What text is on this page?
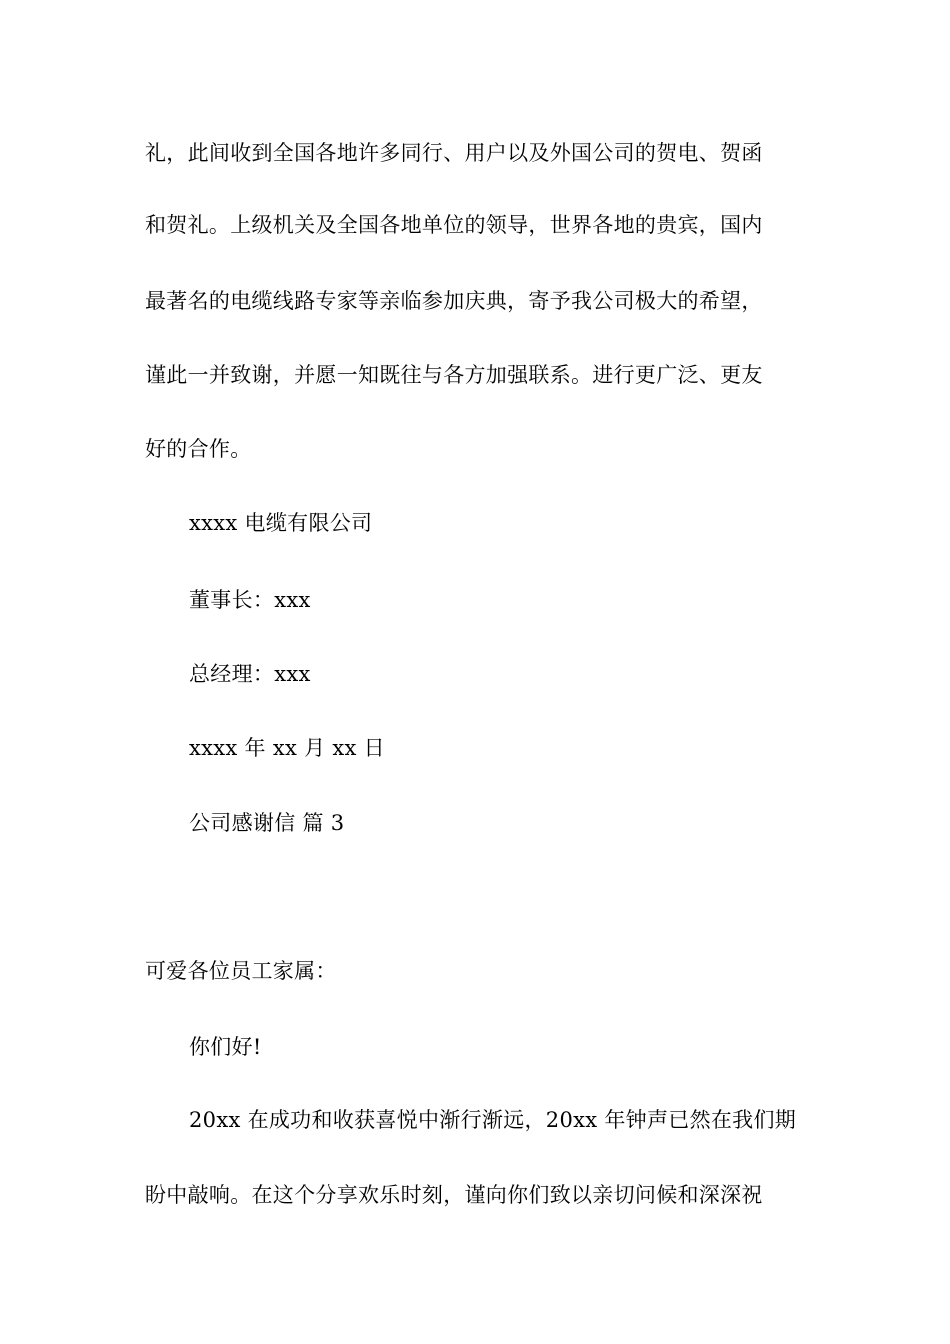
礼，此间收到全国各地许多同行、用户以及外国公司的贺电、贺函
和贺礼。上级机关及全国各地单位的领导，世界各地的贵宾，国内
最著名的电缆线路专家等亲临参加庆典，寄予我公司极大的希望，
谨此一并致谢，并愿一知既往与各方加强联系。进行更广泛、更友
好的合作。
xxxx 电缆有限公司
董事长：xxx
总经理：xxx
xxxx 年 xx 月 xx 日
公司感谢信 篇 3
可爱各位员工家属：
你们好!
20xx 在成功和收获喜悦中渐行渐远，20xx 年钟声已然在我们期
盼中敲响。在这个分享欢乐时刻，谨向你们致以亲切问候和深深祝
